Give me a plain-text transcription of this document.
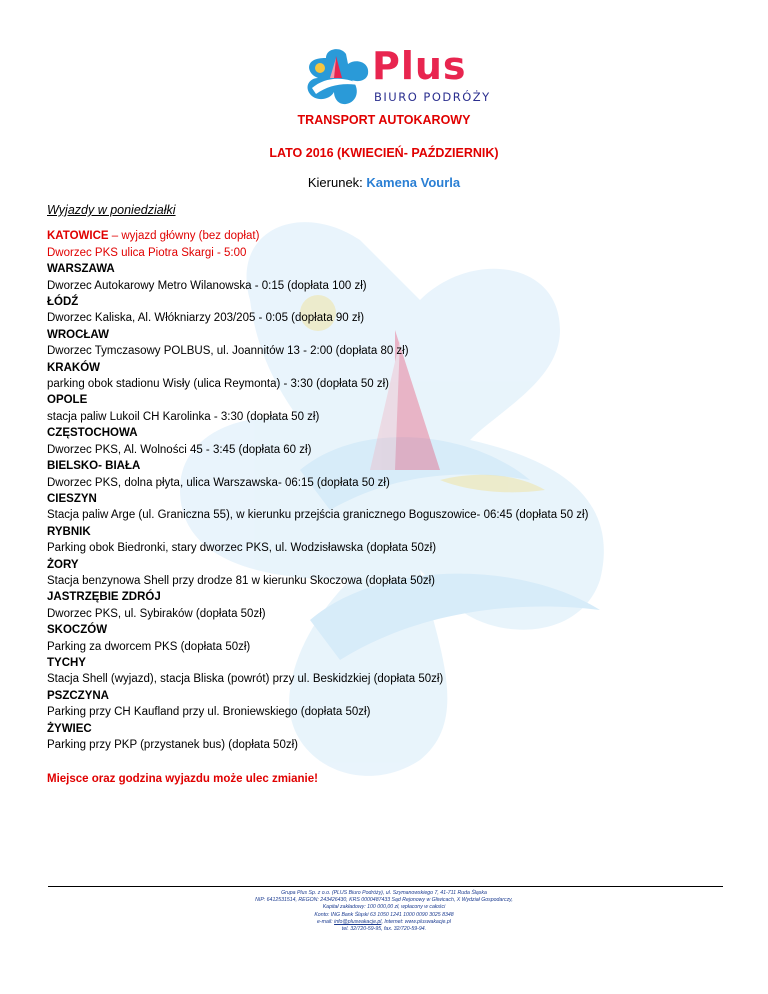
Plus
BIURO PODRÓŻY
TRANSPORT AUTOKAROWY
LATO 2016 (KWIECIEŃ- PAŹDZIERNIK)
Kierunek: Kamena Vourla
Wyjazdy w poniedziałki
KATOWICE – wyjazd główny (bez dopłat)
Dworzec PKS ulica Piotra Skargi - 5:00
WARSZAWA
Dworzec Autokarowy Metro Wilanowska - 0:15 (dopłata 100 zł)
ŁÓDŹ
Dworzec Kaliska, Al. Włókniarzy 203/205 - 0:05 (dopłata 90 zł)
WROCŁAW
Dworzec Tymczasowy POLBUS, ul. Joannitów 13 - 2:00 (dopłata 80 zł)
KRAKÓW
parking obok stadionu Wisły (ulica Reymonta) - 3:30 (dopłata 50 zł)
OPOLE
stacja paliw Lukoil CH Karolinka - 3:30 (dopłata 50 zł)
CZĘSTOCHOWA
Dworzec PKS, Al. Wolności 45 - 3:45 (dopłata 60 zł)
BIELSKO- BIAŁA
Dworzec PKS, dolna płyta, ulica Warszawska- 06:15 (dopłata 50 zł)
CIESZYN
Stacja paliw Arge (ul. Graniczna 55), w kierunku przejścia granicznego Boguszowice- 06:45 (dopłata 50 zł)
RYBNIK
Parking obok Biedronki, stary dworzec PKS, ul. Wodzisławska (dopłata 50zł)
ŻORY
Stacja benzynowa Shell przy drodze 81 w kierunku Skoczowa (dopłata 50zł)
JASTRZĘBIE ZDRÓJ
Dworzec PKS, ul. Sybiraków (dopłata 50zł)
SKOCZÓW
Parking za dworcem PKS (dopłata 50zł)
TYCHY
Stacja Shell (wyjazd), stacja Bliska (powrót) przy ul. Beskidzkiej (dopłata 50zł)
PSZCZYNA
Parking przy CH Kaufland przy ul. Broniewskiego (dopłata 50zł)
ŻYWIEC
Parking przy PKP (przystanek bus) (dopłata 50zł)
Miejsce oraz godzina wyjazdu może ulec zmianie!
Grupa Plus Sp. z o.o. (PLUS Biuro Podróży), ul. Szymanowskiego 7, 41-711 Ruda Śląska
NIP: 6412531514, REGON: 243426430, KRS 0000487433 Sąd Rejonowy w Gliwicach, X Wydział Gospodarczy,
Kapitał zakładowy: 100 000,00 zł, wpłacony w całości
Konto: ING Bank Śląski 63 1050 1241 1000 0090 3025 8348
e-mail: info@pluswakacje.pl, Internet: www.pluswakacje.pl
tel. 32/720-59-95, fax. 32/720-59-94.
